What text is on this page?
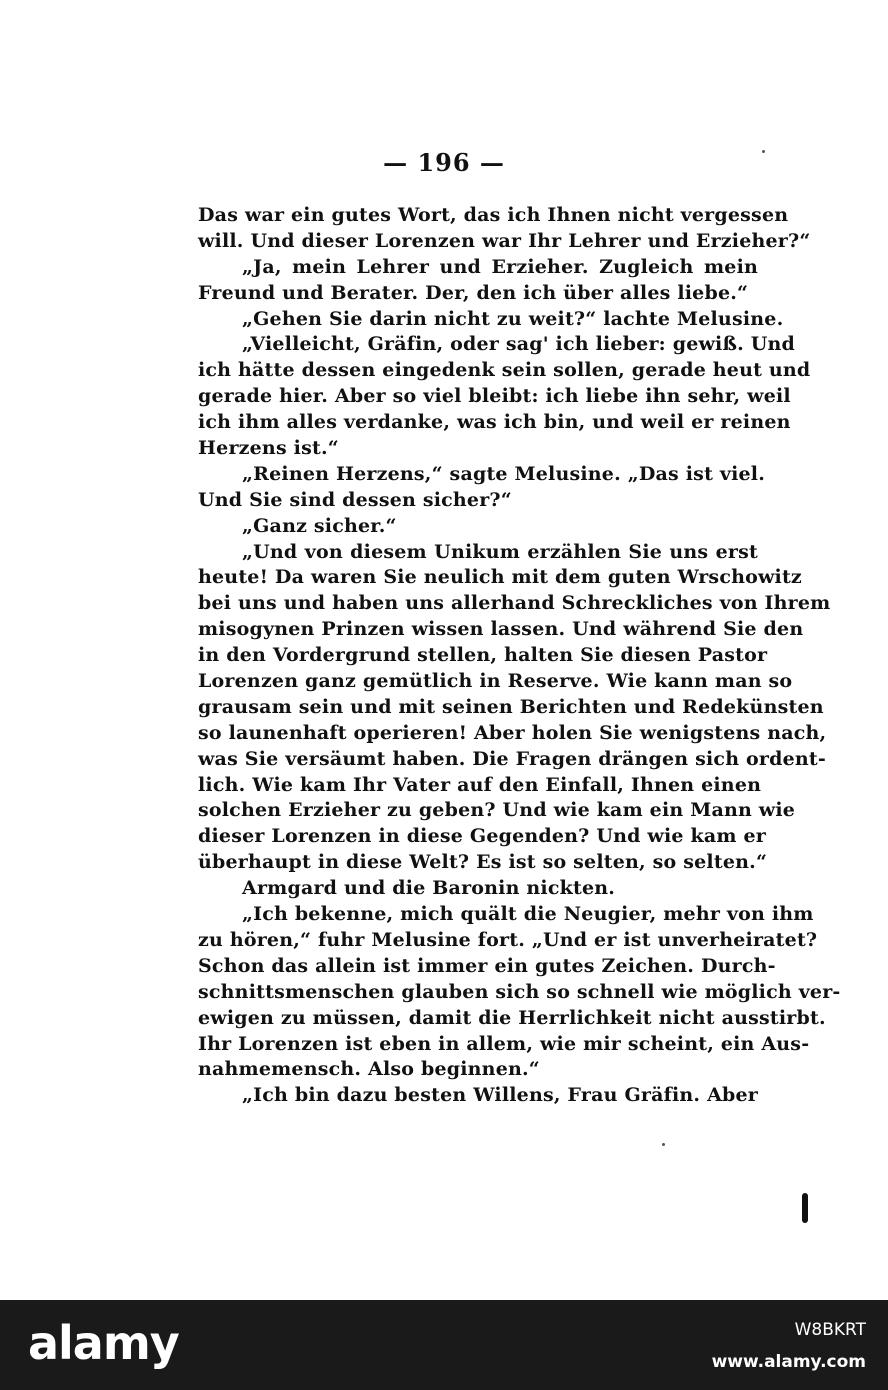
— 196 —
Das war ein gutes Wort, das ich Ihnen nicht vergessen
will. Und dieser Lorenzen war Ihr Lehrer und Erzieher?“
„Ja, mein Lehrer und Erzieher. Zugleich mein
Freund und Berater. Der, den ich über alles liebe.“
„Gehen Sie darin nicht zu weit?“ lachte Melusine.
„Vielleicht, Gräfin, oder sag' ich lieber: gewiß. Und
ich hätte dessen eingedenk sein sollen, gerade heut und
gerade hier. Aber so viel bleibt: ich liebe ihn sehr, weil
ich ihm alles verdanke, was ich bin, und weil er reinen
Herzens ist.“
„Reinen Herzens,“ sagte Melusine. „Das ist viel.
Und Sie sind dessen sicher?“
„Ganz sicher.“
„Und von diesem Unikum erzählen Sie uns erst
heute! Da waren Sie neulich mit dem guten Wrschowitz
bei uns und haben uns allerhand Schreckliches von Ihrem
misogynen Prinzen wissen lassen. Und während Sie den
in den Vordergrund stellen, halten Sie diesen Pastor
Lorenzen ganz gemütlich in Reserve. Wie kann man so
grausam sein und mit seinen Berichten und Redekünsten
so launenhaft operieren! Aber holen Sie wenigstens nach,
was Sie versäumt haben. Die Fragen drängen sich ordent-
lich. Wie kam Ihr Vater auf den Einfall, Ihnen einen
solchen Erzieher zu geben? Und wie kam ein Mann wie
dieser Lorenzen in diese Gegenden? Und wie kam er
überhaupt in diese Welt? Es ist so selten, so selten.“
Armgard und die Baronin nickten.
„Ich bekenne, mich quält die Neugier, mehr von ihm
zu hören,“ fuhr Melusine fort. „Und er ist unverheiratet?
Schon das allein ist immer ein gutes Zeichen. Durch-
schnittsmenschen glauben sich so schnell wie möglich ver-
ewigen zu müssen, damit die Herrlichkeit nicht ausstirbt.
Ihr Lorenzen ist eben in allem, wie mir scheint, ein Aus-
nahmemensch. Also beginnen.“
„Ich bin dazu besten Willens, Frau Gräfin. Aber
alamy	W8BKRT
www.alamy.com
